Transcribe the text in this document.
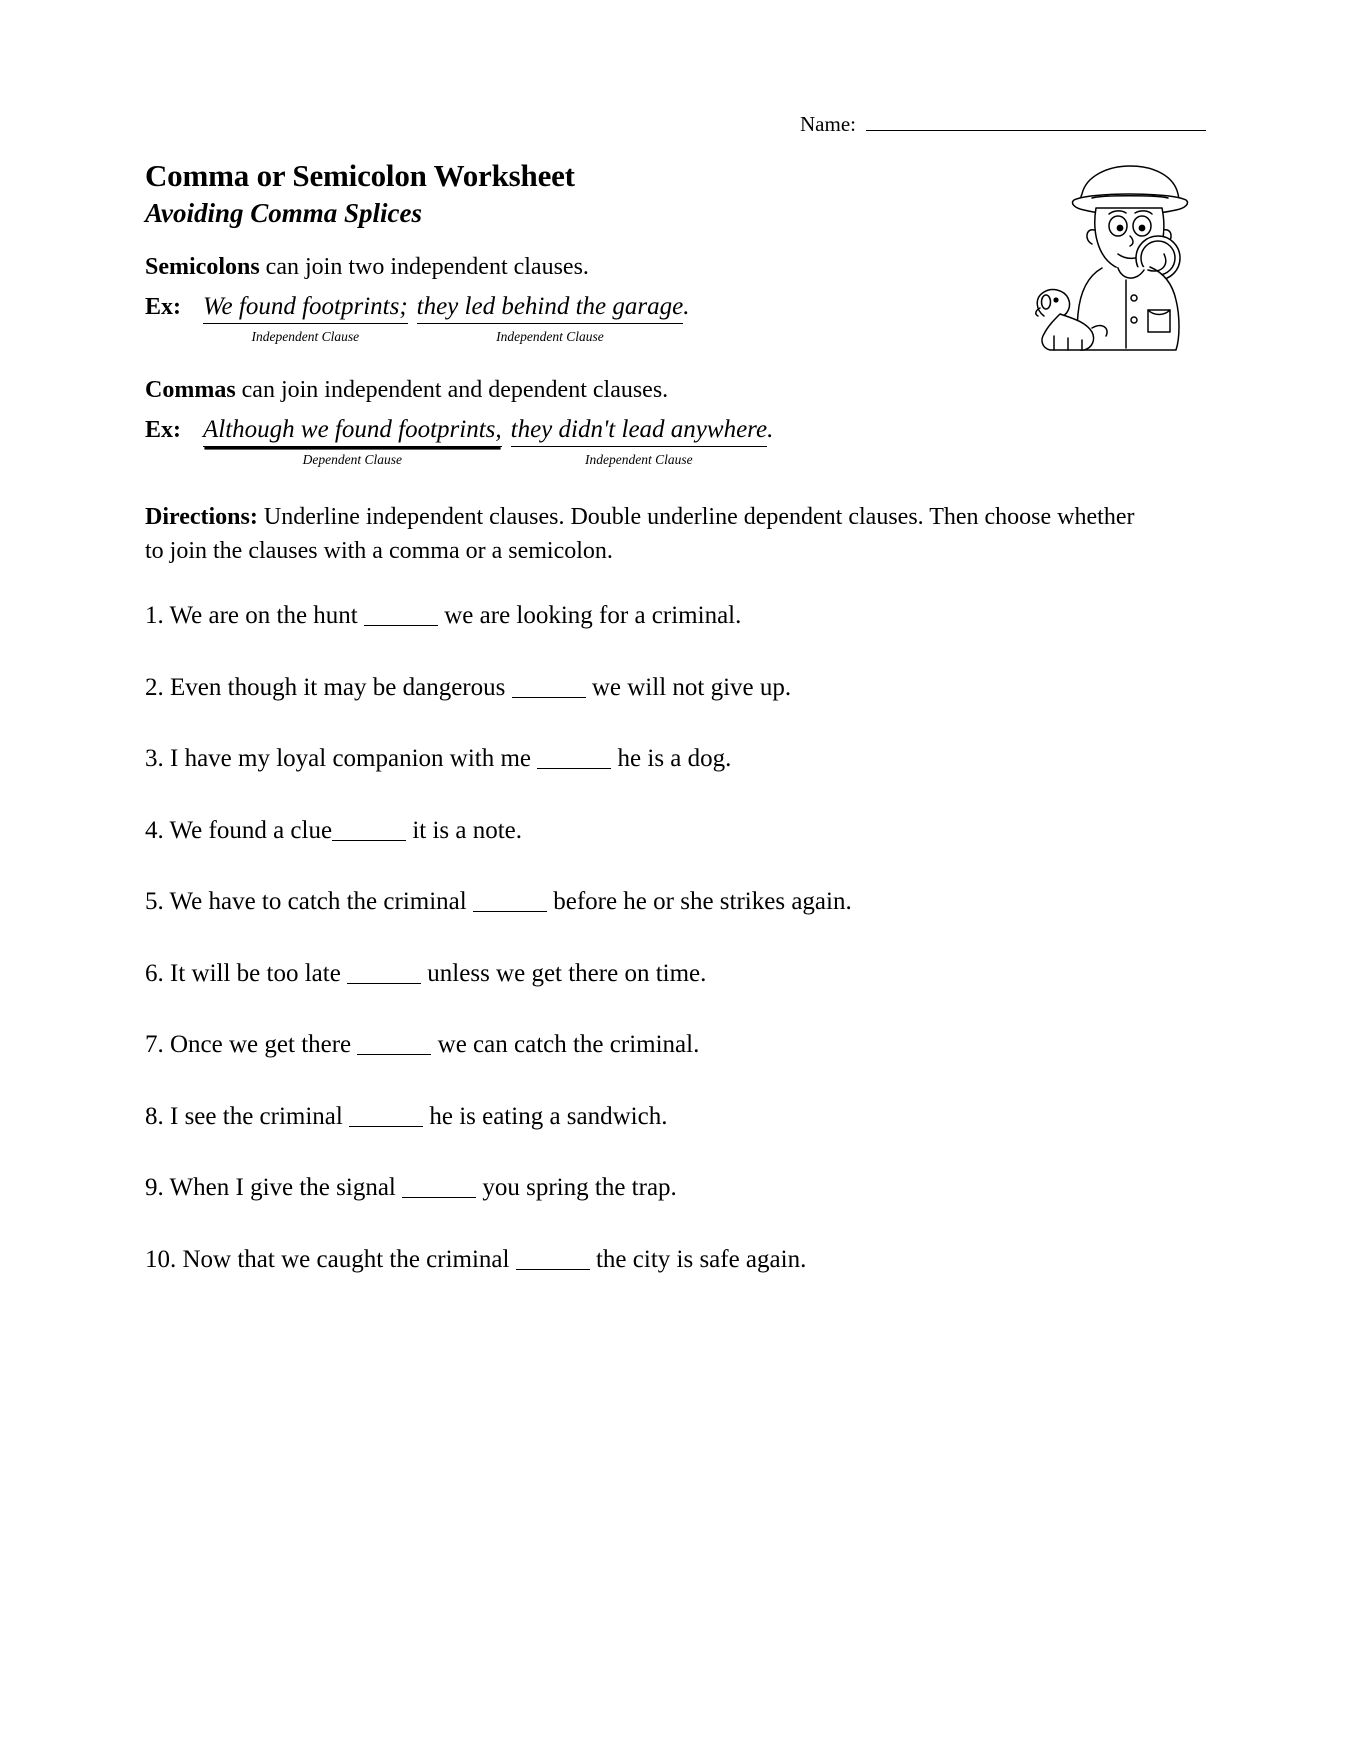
Name:
Comma or Semicolon Worksheet
Avoiding Comma Splices
Semicolons can join two independent clauses.
Ex: We found footprints;
Independent Clause
they led behind the garage
Independent Clause
.
Commas can join independent and dependent clauses.
Ex: Although we found footprints,
Dependent Clause
they didn't lead anywhere
Independent Clause
.
Directions: Underline independent clauses. Double underline dependent clauses. Then choose whether to join the clauses with a comma or a semicolon.
1. We are on the hunt	we are looking for a criminal.
2. Even though it may be dangerous	we will not give up.
3. I have my loyal companion with me	he is a dog.
4. We found a clue	it is a note.
5. We have to catch the criminal	before he or she strikes again.
6. It will be too late	unless we get there on time.
7. Once we get there	we can catch the criminal.
8. I see the criminal	he is eating a sandwich.
9. When I give the signal	you spring the trap.
10. Now that we caught the criminal	the city is safe again.
